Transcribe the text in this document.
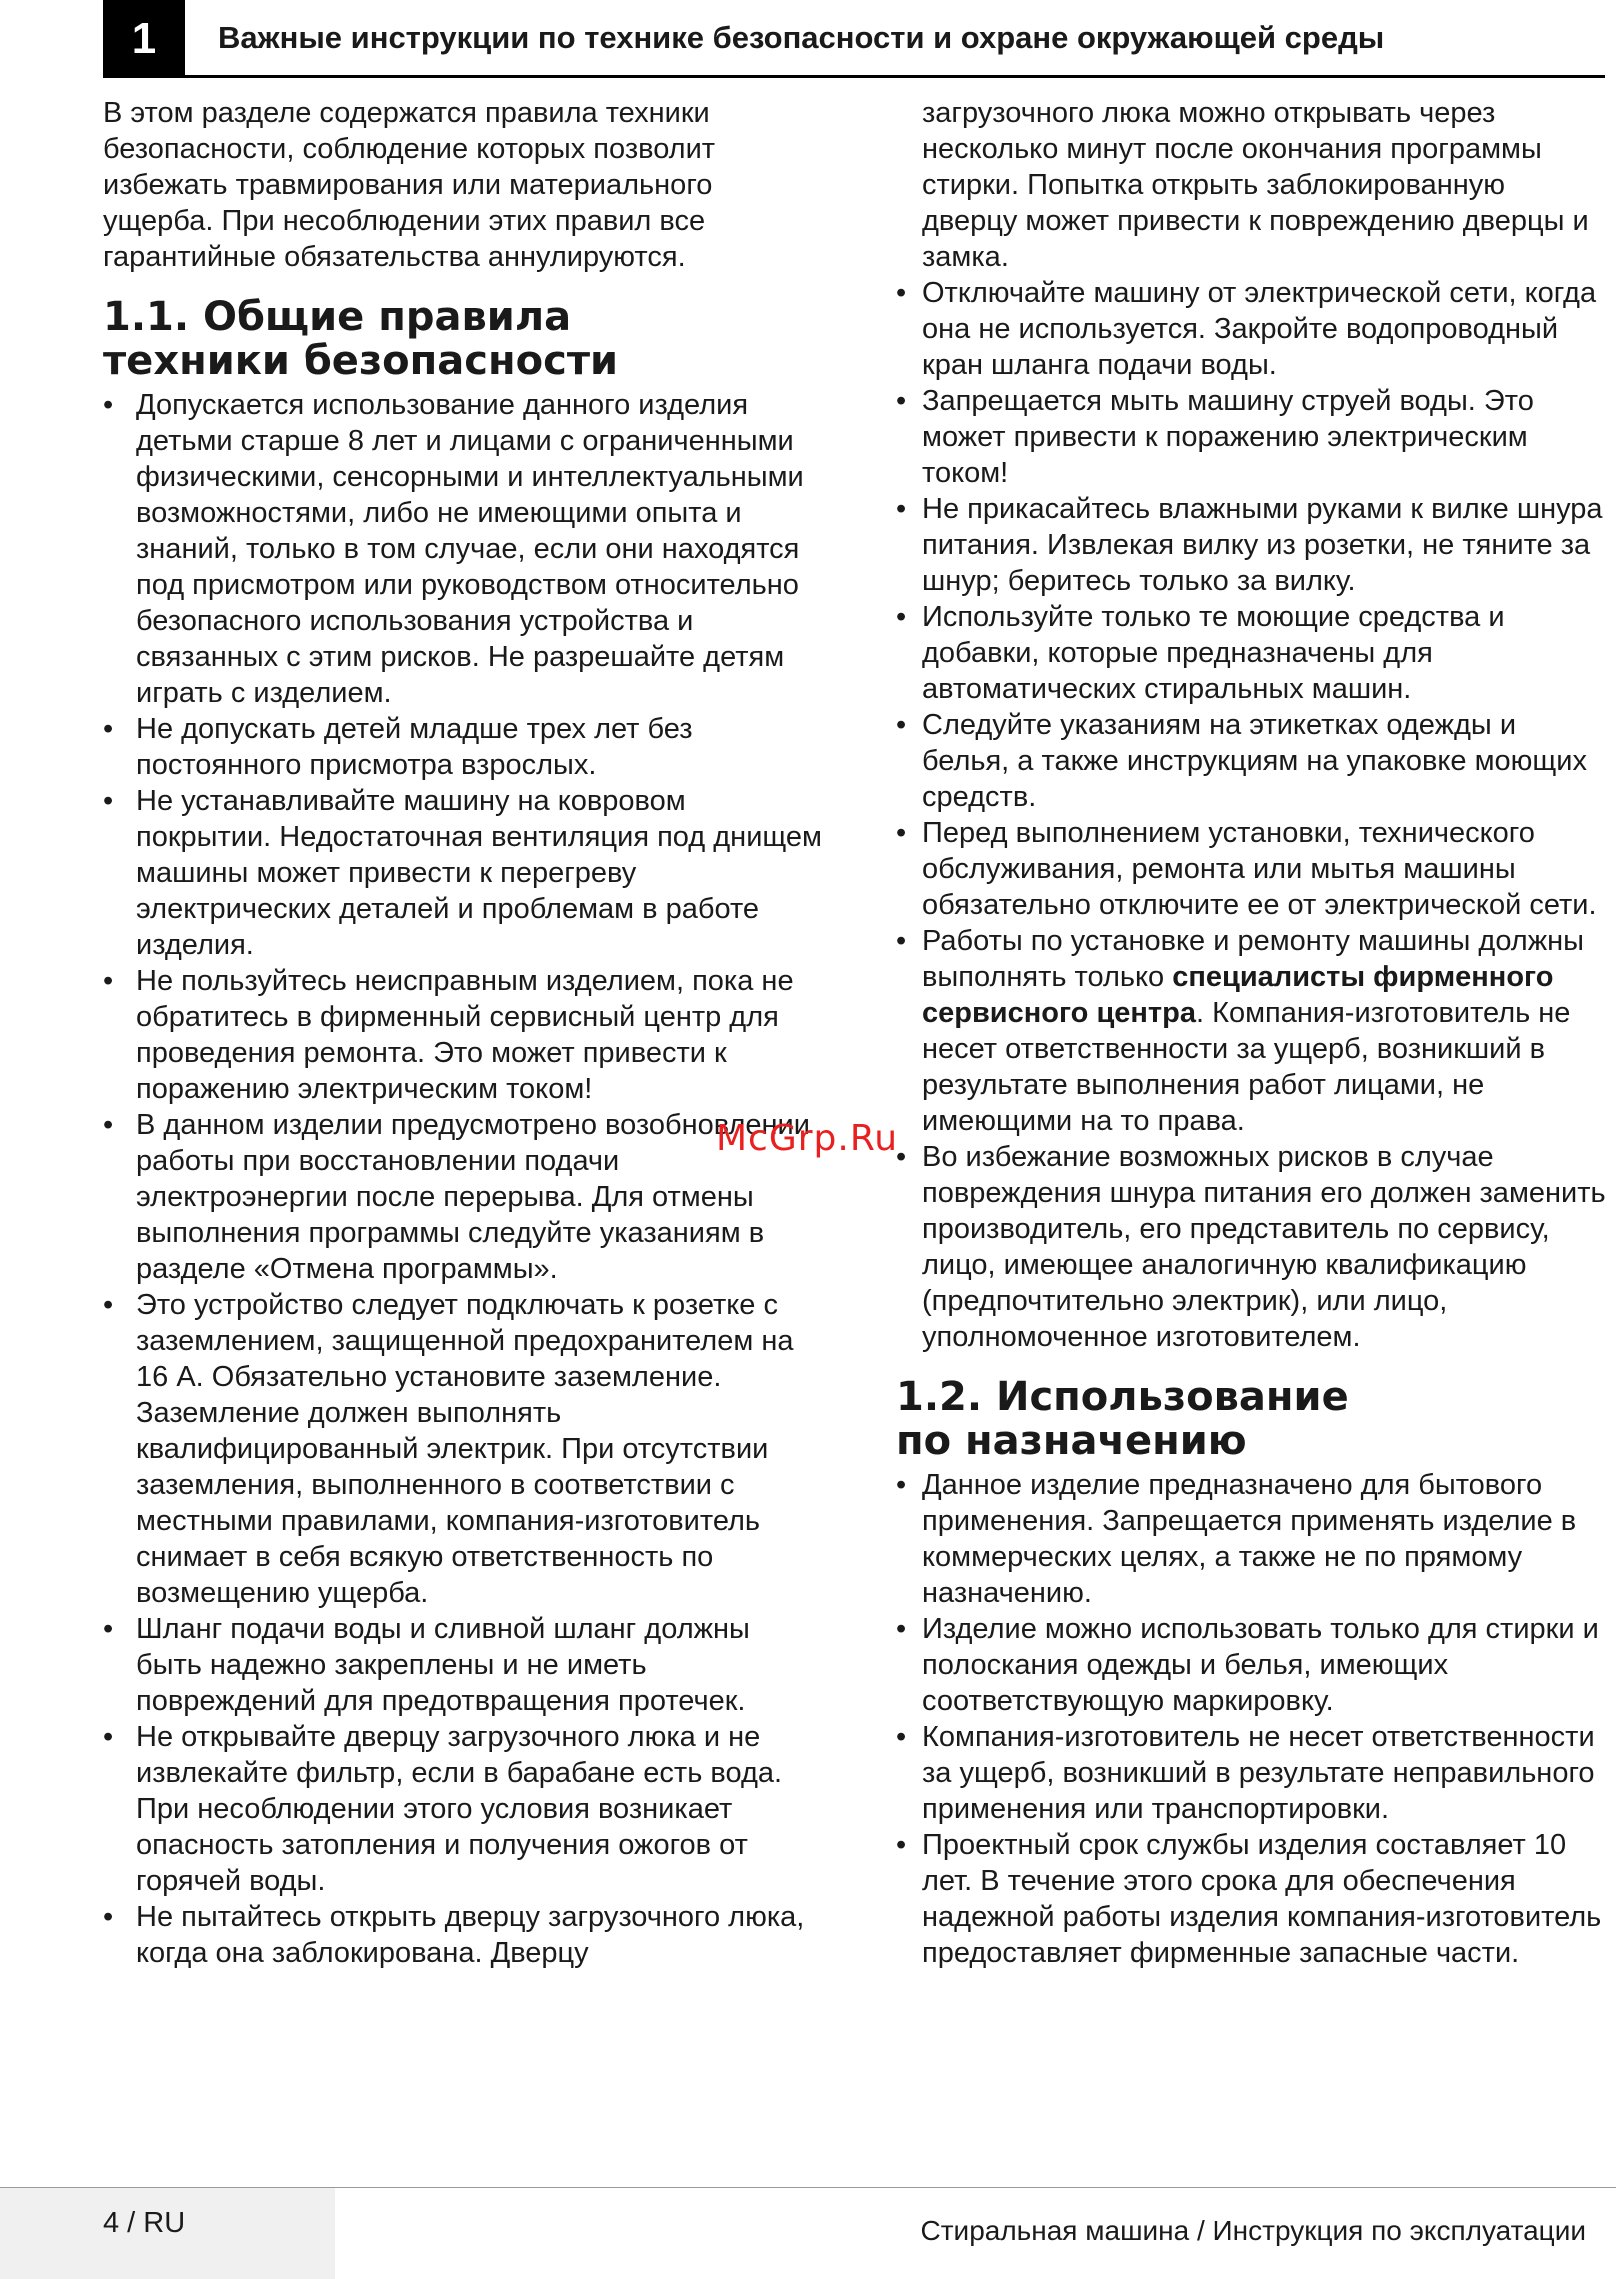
1	Важные инструкции по технике безопасности и охране окружающей среды

В этом разделе содержатся правила техники безопасности, соблюдение которых позволит избежать травмирования или материального ущерба. При несоблюдении этих правил все гарантийные обязательства аннулируются.

1.1. Общие правила
техники безопасности
• Допускается использование данного изделия детьми старше 8 лет и лицами с ограниченными физическими, сенсорными и интеллектуальными возможностями, либо не имеющими опыта и знаний, только в том случае, если они находятся под присмотром или руководством относительно безопасного использования устройства и связанных с этим рисков. Не разрешайте детям играть с изделием.
• Не допускать детей младше трех лет без постоянного присмотра взрослых.
• Не устанавливайте машину на ковровом покрытии. Недостаточная вентиляция под днищем машины может привести к перегреву электрических деталей и проблемам в работе изделия.
• Не пользуйтесь неисправным изделием, пока не обратитесь в фирменный сервисный центр для проведения ремонта. Это может привести к поражению электрическим током!
• В данном изделии предусмотрено возобновлении работы при восстановлении подачи электроэнергии после перерыва. Для отмены выполнения программы следуйте указаниям в разделе «Отмена программы».
• Это устройство следует подключать к розетке с заземлением, защищенной предохранителем на 16 А. Обязательно установите заземление. Заземление должен выполнять квалифицированный электрик. При отсутствии заземления, выполненного в соответствии с местными правилами, компания-изготовитель снимает в себя всякую ответственность по возмещению ущерба.
• Шланг подачи воды и сливной шланг должны быть надежно закреплены и не иметь повреждений для предотвращения протечек.
• Не открывайте дверцу загрузочного люка и не извлекайте фильтр, если в барабане есть вода. При несоблюдении этого условия возникает опасность затопления и получения ожогов от горячей воды.
• Не пытайтесь открыть дверцу загрузочного люка, когда она заблокирована. Дверцу

загрузочного люка можно открывать через несколько минут после окончания программы стирки. Попытка открыть заблокированную дверцу может привести к повреждению дверцы и замка.

• Отключайте машину от электрической сети, когда она не используется. Закройте водопроводный кран шланга подачи воды.
• Запрещается мыть машину струей воды. Это может привести к поражению электрическим током!
• Не прикасайтесь влажными руками к вилке шнура питания. Извлекая вилку из розетки, не тяните за шнур; беритесь только за вилку.
• Используйте только те моющие средства и добавки, которые предназначены для автоматических стиральных машин.
• Следуйте указаниям на этикетках одежды и белья, а также инструкциям на упаковке моющих средств.
• Перед выполнением установки, технического обслуживания, ремонта или мытья машины обязательно отключите ее от электрической сети.
• Работы по установке и ремонту машины должны выполнять только специалисты фирменного сервисного центра. Компания-изготовитель не несет ответственности за ущерб, возникший в результате выполнения работ лицами, не имеющими на то права.
• Во избежание возможных рисков в случае повреждения шнура питания его должен заменить производитель, его представитель по сервису, лицо, имеющее аналогичную квалификацию (предпочтительно электрик), или лицо, уполномоченное изготовителем.
1.2. Использование
по назначению
• Данное изделие предназначено для бытового применения. Запрещается применять изделие в коммерческих целях, а также не по прямому назначению.
• Изделие можно использовать только для стирки и полоскания одежды и белья, имеющих соответствующую маркировку.
• Компания-изготовитель не несет ответственности за ущерб, возникший в результате неправильного применения или транспортировки.
• Проектный срок службы изделия составляет 10 лет. В течение этого срока для обеспечения надежной работы изделия компания-изготовитель предоставляет фирменные запасные части.
McGrp.Ru
4 / RU	Стиральная машина / Инструкция по эксплуатации
